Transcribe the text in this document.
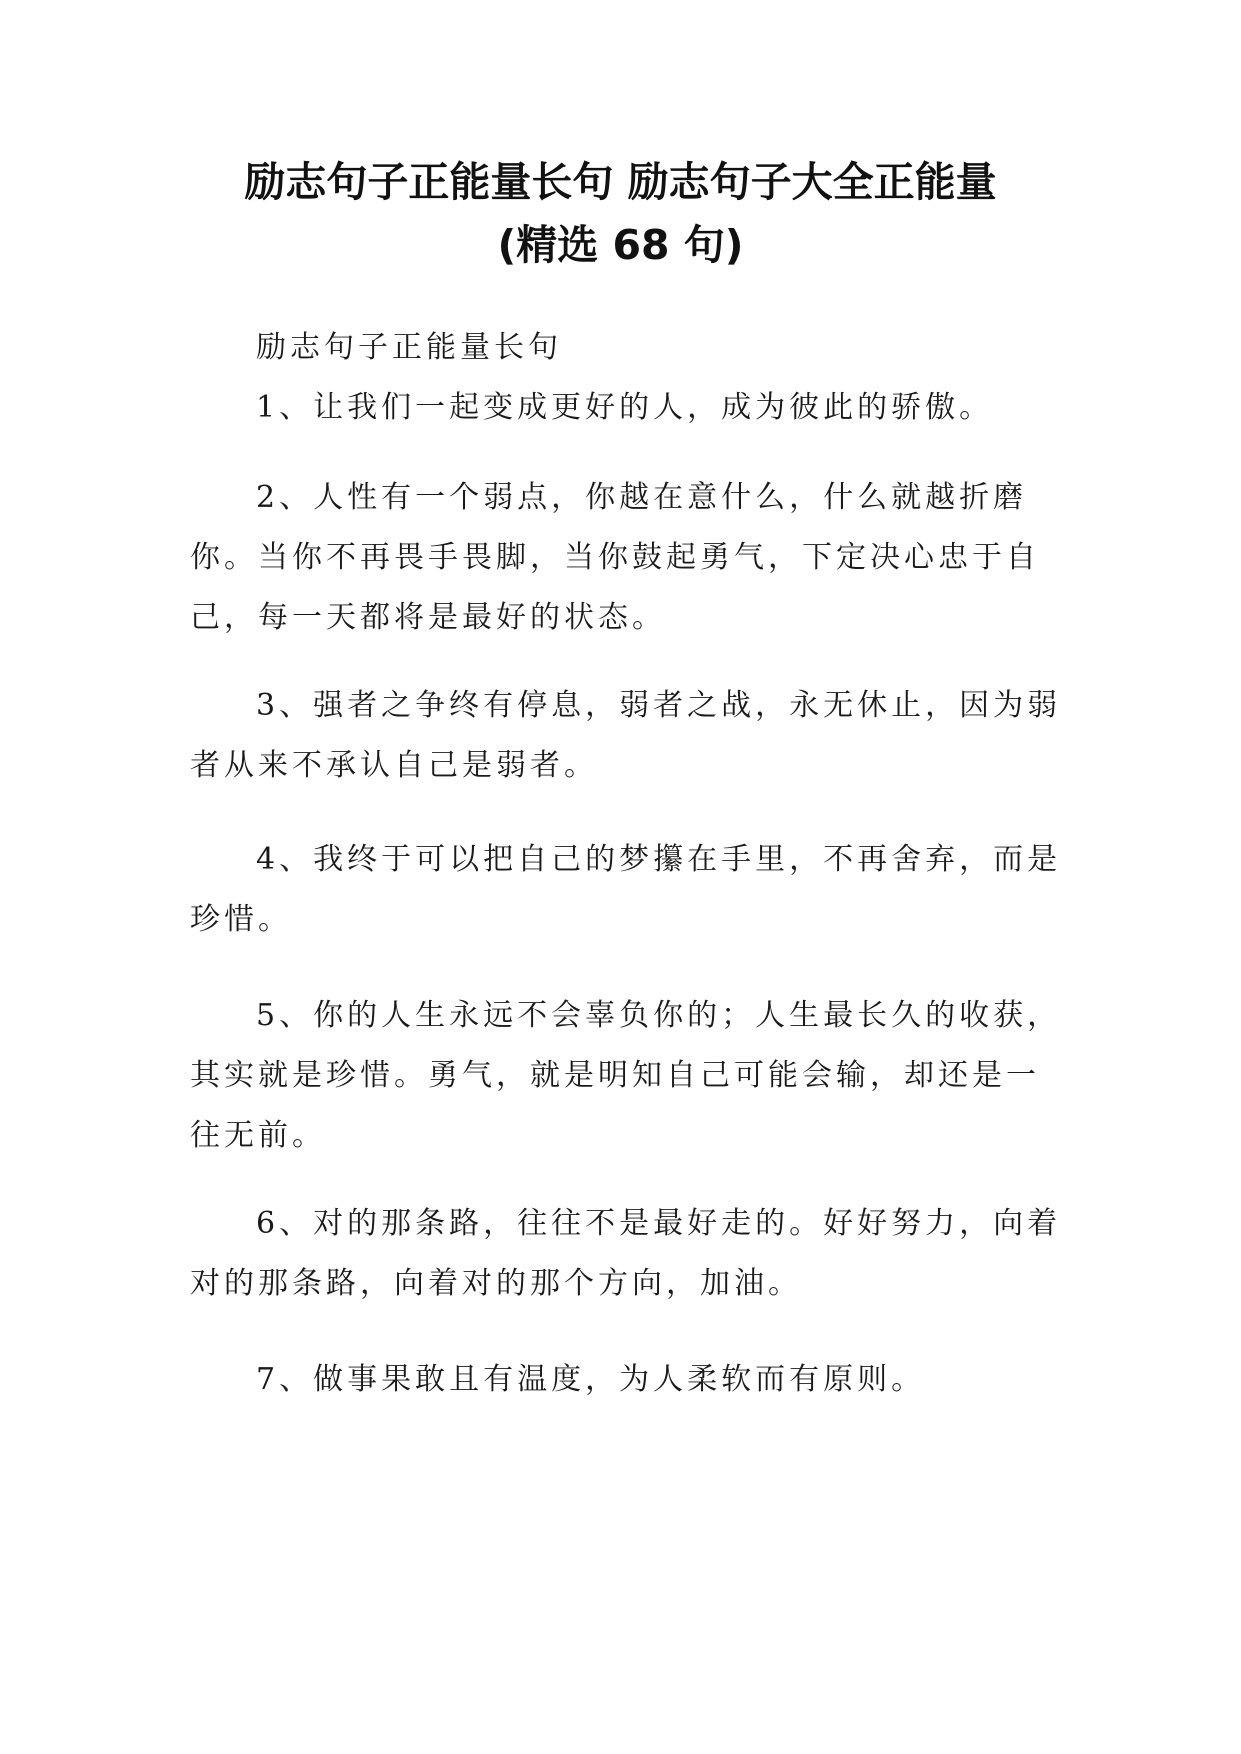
励志句子正能量长句 励志句子大全正能量
(精选 68 句)

励志句子正能量长句

1、让我们一起变成更好的人，成为彼此的骄傲。

2、人性有一个弱点，你越在意什么，什么就越折磨你。当你不再畏手畏脚，当你鼓起勇气，下定决心忠于自己，每一天都将是最好的状态。

3、强者之争终有停息，弱者之战，永无休止，因为弱者从来不承认自己是弱者。

4、我终于可以把自己的梦攥在手里，不再舍弃，而是珍惜。

5、你的人生永远不会辜负你的；人生最长久的收获，其实就是珍惜。勇气，就是明知自己可能会输，却还是一往无前。

6、对的那条路，往往不是最好走的。好好努力，向着对的那条路，向着对的那个方向，加油。

7、做事果敢且有温度，为人柔软而有原则。
